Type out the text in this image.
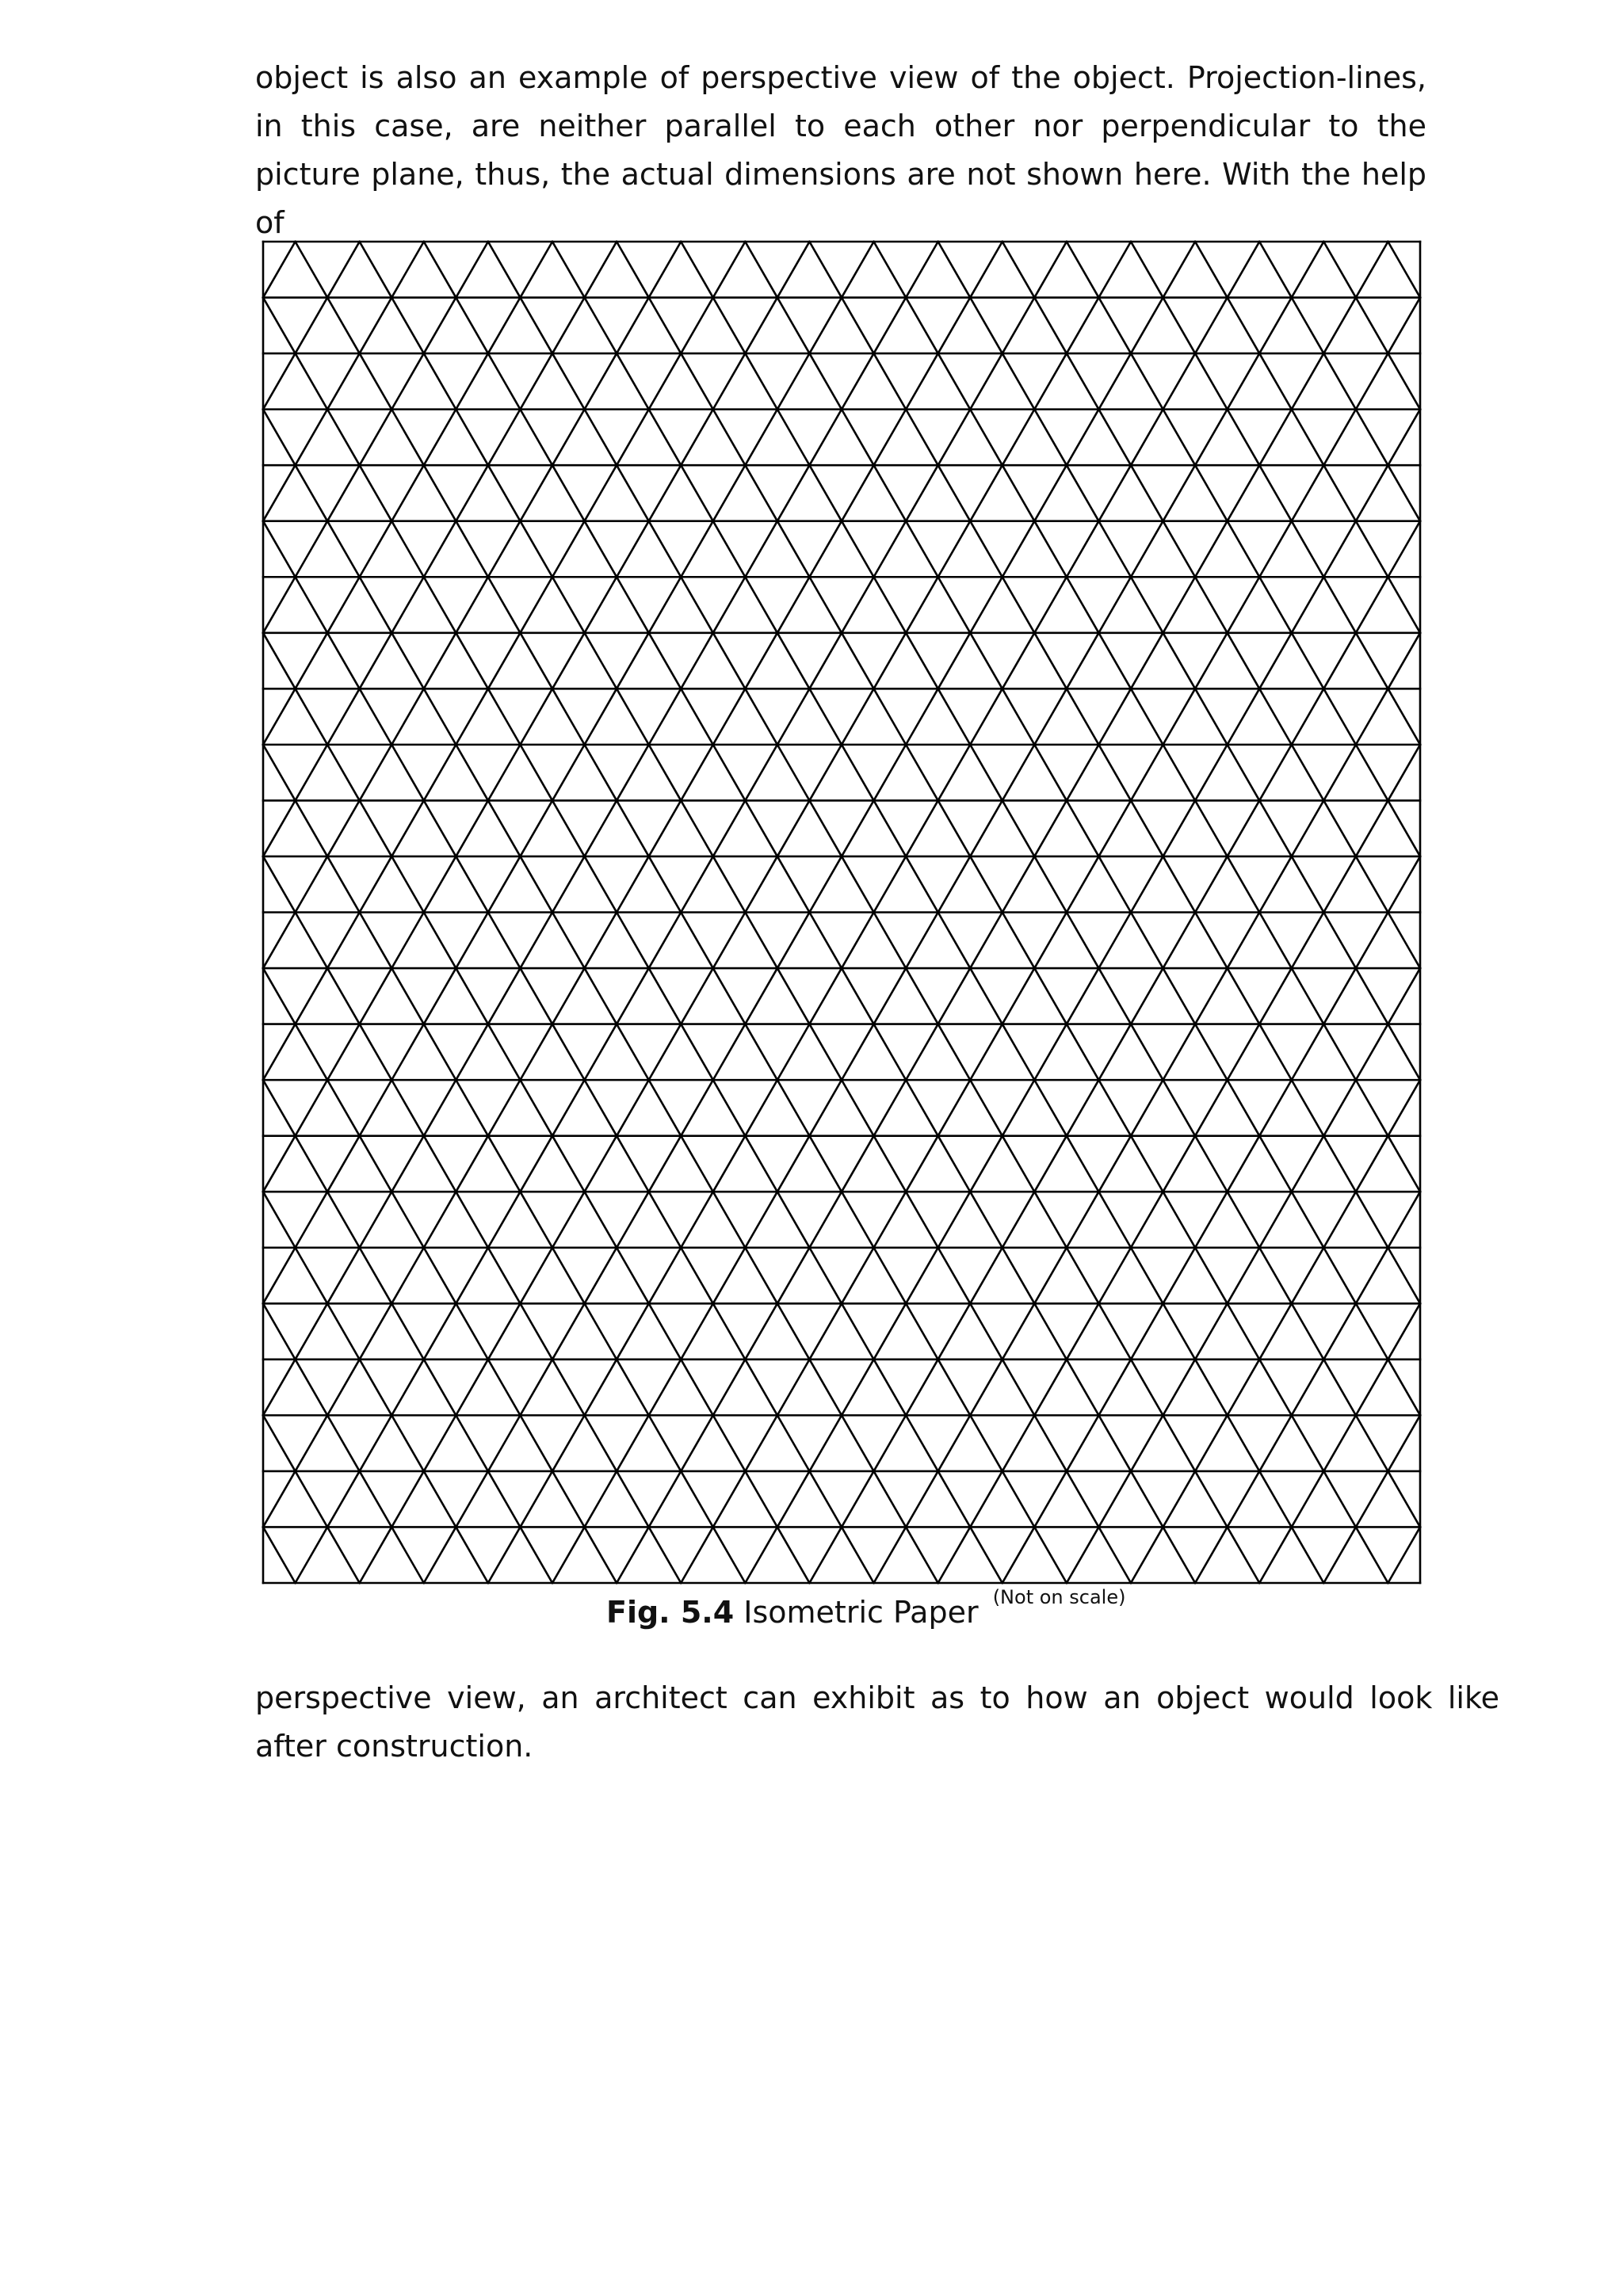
object is also an example of perspective view of the object. Projection-lines, in this case, are neither parallel to each other nor perpendicular to the picture plane, thus, the actual dimensions are not shown here. With the help of

Fig. 5.4 Isometric Paper $^{(Not on scale)}$

perspective view, an architect can exhibit as to how an object would look like after construction.
